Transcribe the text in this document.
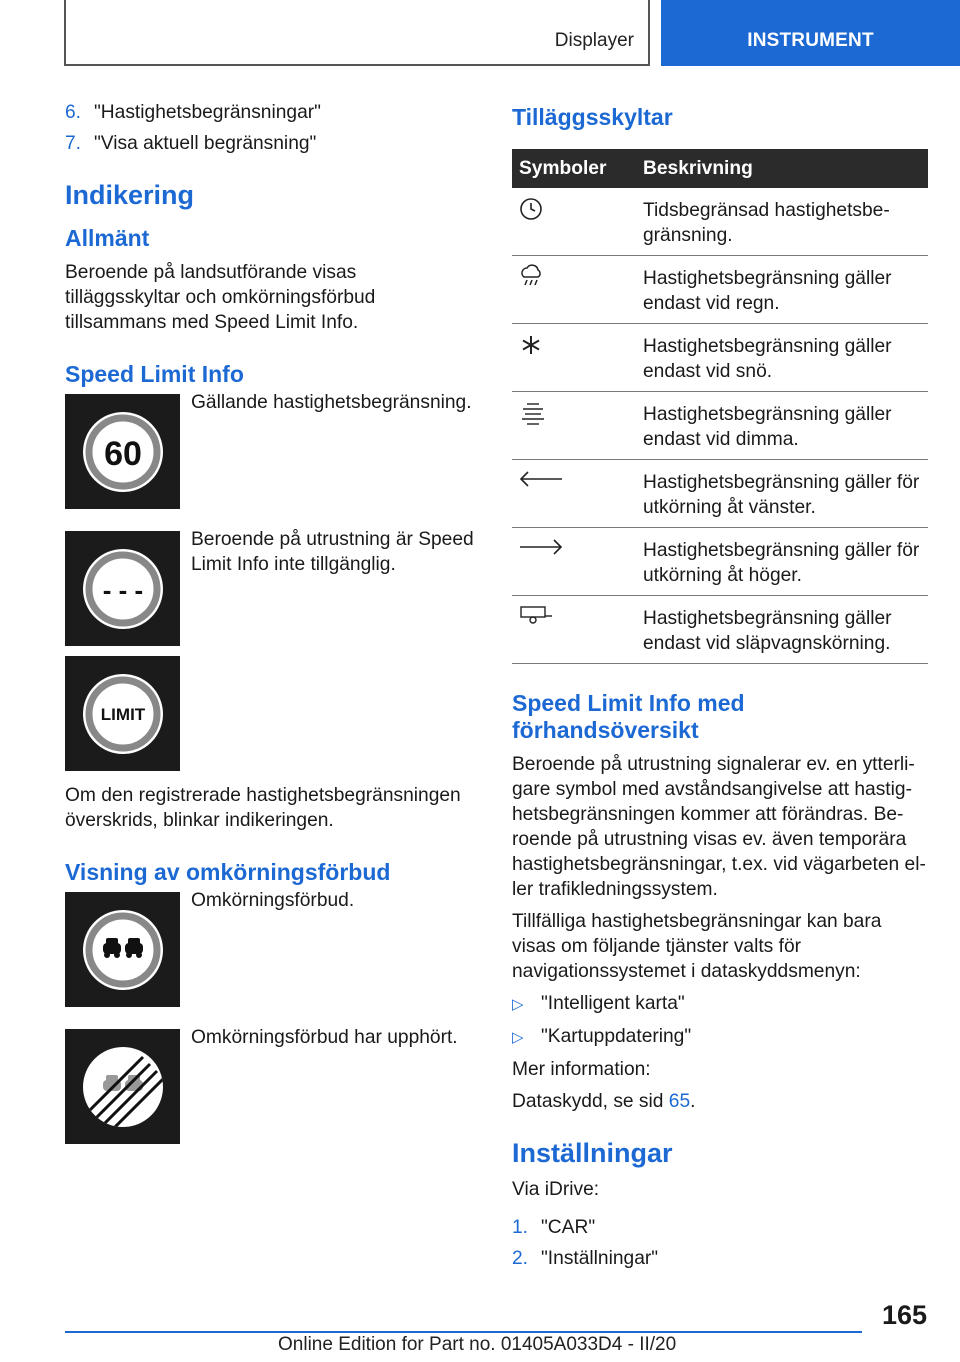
Displayer	INSTRUMENT
6. "Hastighetsbegränsningar"
7. "Visa aktuell begränsning"
Indikering
Allmänt

Beroende på landsutförande visas tilläggsskyltar och omkörningsförbud tillsammans med Speed Limit Info.

Speed Limit Info
60

Gällande hastighetsbegränsning.

- - -

Beroende på utrustning är Speed Limit Info inte tillgänglig.

LIMIT

Om den registrerade hastighetsbegränsningen överskrids, blinkar indikeringen.

Visning av omkörningsförbud

Omkörningsförbud.

Omkörningsförbud har upphört.

Tilläggsskyltar
Symboler	Beskrivning
	Tidsbegränsad hastighetsbegränsning.
	Hastighetsbegränsning gäller endast vid regn.
	Hastighetsbegränsning gäller endast vid snö.
	Hastighetsbegränsning gäller endast vid dimma.
	Hastighetsbegränsning gäller för utkörning åt vänster.
	Hastighetsbegränsning gäller för utkörning åt höger.
	Hastighetsbegränsning gäller endast vid släpvagnskörning.
Speed Limit Info med förhandsöversikt

Beroende på utrustning signalerar ev. en ytterligare symbol med avståndsangivelse att hastighetsbegränsningen kommer att förändras. Beroende på utrustning visas ev. även temporära hastighetsbegränsningar, t.ex. vid vägarbeten eller trafikledningssystem.

Tillfälliga hastighetsbegränsningar kan bara visas om följande tjänster valts för navigationssystemet i dataskyddsmenyn:

▷ "Intelligent karta"
▷ "Kartuppdatering"

Mer information:

Dataskydd, se sid 65.

Inställningar

Via iDrive:

1. "CAR"
2. "Inställningar"
165
Online Edition for Part no. 01405A033D4 - II/20
